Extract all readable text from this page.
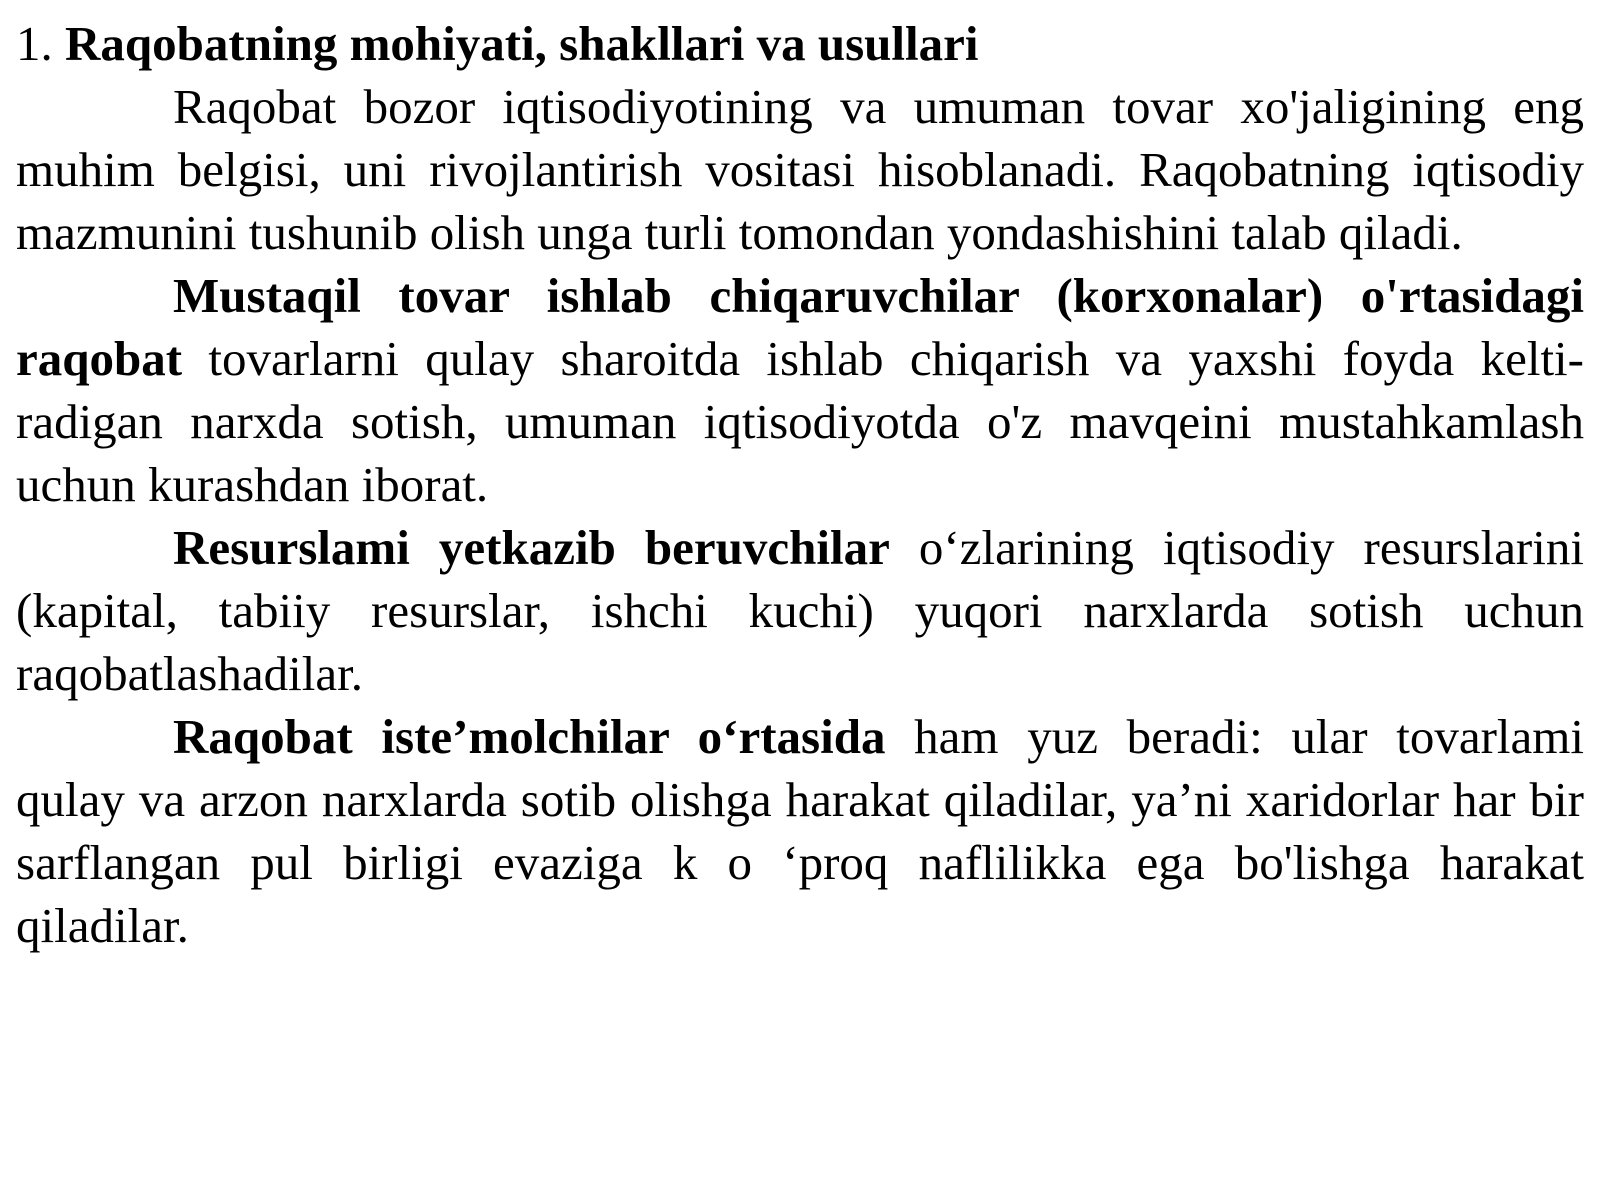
1. Raqobatning mohiyati, shakllari va usullari

Raqobat bozor iqtisodiyotining va umuman tovar xo'jaligining eng muhim belgisi, uni rivojlantirish vositasi hisoblanadi. Raqobatning iqtisodiy mazmunini tushunib olish unga turli tomondan yondashishini talab qiladi.

Mustaqil tovar ishlab chiqaruvchilar (korxonalar) o'rtasidagi raqobat tovarlarni qulay sharoitda ishlab chiqarish va yaxshi foyda kelti-radigan narxda sotish, umuman iqtisodiyotda o'z mavqeini mustahkamlash uchun kurashdan iborat.

Resurslami yetkazib beruvchilar o‘zlarining iqtisodiy resurslarini (kapital, tabiiy resurslar, ishchi kuchi) yuqori narxlarda sotish uchun raqobatlashadilar.

Raqobat iste’molchilar o‘rtasida ham yuz beradi: ular tovarlami qulay va arzon narxlarda sotib olishga harakat qiladilar, ya’ni xaridorlar har bir sarflangan pul birligi evaziga k o ‘proq naflilikka ega bo'lishga harakat qiladilar.
